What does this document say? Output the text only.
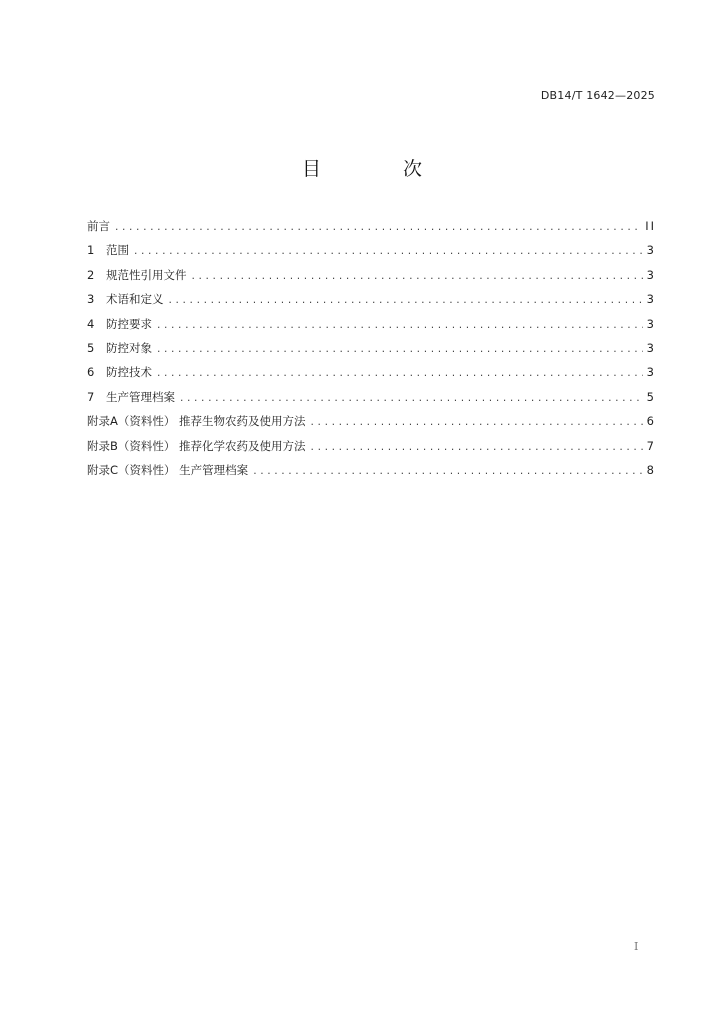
DB14/T 1642—2025
目 次
前言 .....	II
1	范围 .....	3
2	规范性引用文件 .....	3
3	术语和定义 .....	3
4	防控要求 .....	3
5	防控对象 .....	3
6	防控技术 .....	3
7	生产管理档案 .....	5
附录A（资料性） 推荐生物农药及使用方法 .....	6
附录B（资料性） 推荐化学农药及使用方法 .....	7
附录C（资料性） 生产管理档案 .....	8
I
